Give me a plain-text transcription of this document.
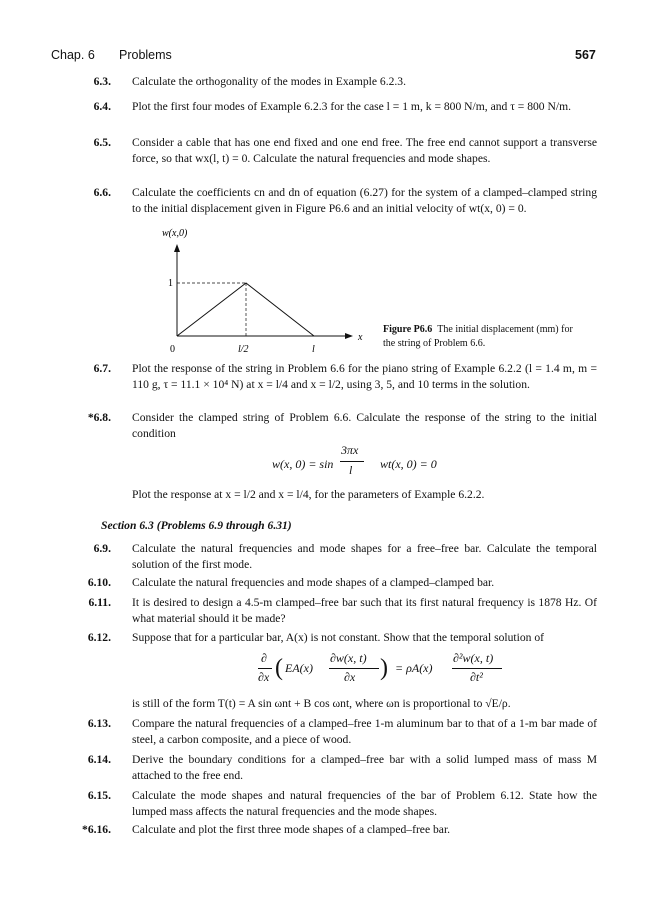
Chap. 6 Problems	567
6.3. Calculate the orthogonality of the modes in Example 6.2.3.
6.4. Plot the first four modes of Example 6.2.3 for the case l = 1 m, k = 800 N/m, and τ = 800 N/m.
6.5. Consider a cable that has one end fixed and one end free. The free end cannot support a transverse force, so that wx(l, t) = 0. Calculate the natural frequencies and mode shapes.
6.6. Calculate the coefficients cn and dn of equation (6.27) for the system of a clamped–clamped string to the initial displacement given in Figure P6.6 and an initial velocity of wt(x, 0) = 0.
w(x,0)
1
0	l/2	l
x
Figure P6.6 The initial displacement (mm) for the string of Problem 6.6.
6.7. Plot the response of the string in Problem 6.6 for the piano string of Example 6.2.2 (l = 1.4 m, m = 110 g, τ = 11.1 × 10⁴ N) at x = l/4 and x = l/2, using 3, 5, and 10 terms in the solution.
*6.8. Consider the clamped string of Problem 6.6. Calculate the response of the string to the initial condition
w(x, 0) = sin
3πx
l wt(x, 0) = 0
Plot the response at x = l/2 and x = l/4, for the parameters of Example 6.2.2.
Section 6.3 (Problems 6.9 through 6.31)
6.9. Calculate the natural frequencies and mode shapes for a free–free bar. Calculate the temporal solution of the first mode.
6.10. Calculate the natural frequencies and mode shapes of a clamped–clamped bar.
6.11. It is desired to design a 4.5-m clamped–free bar such that its first natural frequency is 1878 Hz. Of what material should it be made?
6.12. Suppose that for a particular bar, A(x) is not constant. Show that the temporal solution of
∂
∂x ( EA(x)
∂w(x, t)
∂x ) = ρA(x)
∂²w(x, t)
∂t²
is still of the form T(t) = A sin ωnt + B cos ωnt, where ωn is proportional to √E/ρ.
6.13. Compare the natural frequencies of a clamped–free 1-m aluminum bar to that of a 1-m bar made of steel, a carbon composite, and a piece of wood.
6.14. Derive the boundary conditions for a clamped–free bar with a solid lumped mass of mass M attached to the free end.
6.15. Calculate the mode shapes and natural frequencies of the bar of Problem 6.12. State how the lumped mass affects the natural frequencies and the mode shapes.
*6.16. Calculate and plot the first three mode shapes of a clamped–free bar.
